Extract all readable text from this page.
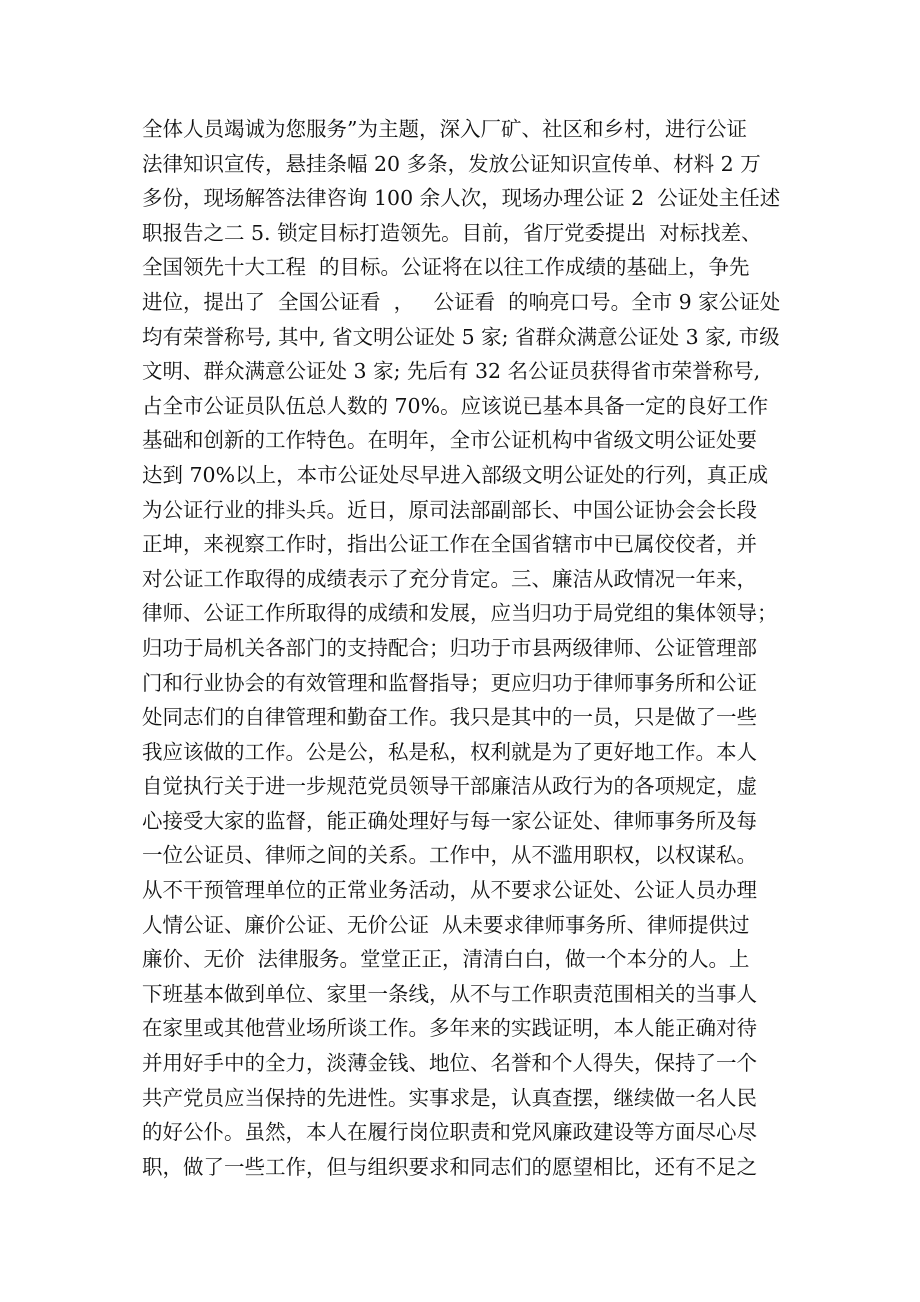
全体人员竭诚为您服务”为主题，深入厂矿、社区和乡村，进行公证
法律知识宣传，悬挂条幅 20 多条，发放公证知识宣传单、材料 2 万
多份，现场解答法律咨询 100 余人次，现场办理公证 2  公证处主任述
职报告之二 5. 锁定目标打造领先。目前，省厅党委提出  对标找差、
全国领先十大工程  的目标。公证将在以往工作成绩的基础上，争先
进位，提出了  全国公证看  ，   公证看  的响亮口号。全市 9 家公证处
均有荣誉称号, 其中, 省文明公证处 5 家; 省群众满意公证处 3 家, 市级
文明、群众满意公证处 3 家; 先后有 32 名公证员获得省市荣誉称号,
占全市公证员队伍总人数的 70%。应该说已基本具备一定的良好工作
基础和创新的工作特色。在明年，全市公证机构中省级文明公证处要
达到 70%以上，本市公证处尽早进入部级文明公证处的行列，真正成
为公证行业的排头兵。近日，原司法部副部长、中国公证协会会长段
正坤，来视察工作时，指出公证工作在全国省辖市中已属佼佼者，并
对公证工作取得的成绩表示了充分肯定。三、廉洁从政情况一年来，
律师、公证工作所取得的成绩和发展，应当归功于局党组的集体领导；
归功于局机关各部门的支持配合；归功于市县两级律师、公证管理部
门和行业协会的有效管理和监督指导；更应归功于律师事务所和公证
处同志们的自律管理和勤奋工作。我只是其中的一员，只是做了一些
我应该做的工作。公是公，私是私，权利就是为了更好地工作。本人
自觉执行关于进一步规范党员领导干部廉洁从政行为的各项规定，虚
心接受大家的监督，能正确处理好与每一家公证处、律师事务所及每
一位公证员、律师之间的关系。工作中，从不滥用职权，以权谋私。
从不干预管理单位的正常业务活动，从不要求公证处、公证人员办理
人情公证、廉价公证、无价公证  从未要求律师事务所、律师提供过
廉价、无价  法律服务。堂堂正正，清清白白，做一个本分的人。上
下班基本做到单位、家里一条线，从不与工作职责范围相关的当事人
在家里或其他营业场所谈工作。多年来的实践证明，本人能正确对待
并用好手中的全力，淡薄金钱、地位、名誉和个人得失，保持了一个
共产党员应当保持的先进性。实事求是，认真查摆，继续做一名人民
的好公仆。虽然，本人在履行岗位职责和党风廉政建设等方面尽心尽
职，做了一些工作，但与组织要求和同志们的愿望相比，还有不足之
